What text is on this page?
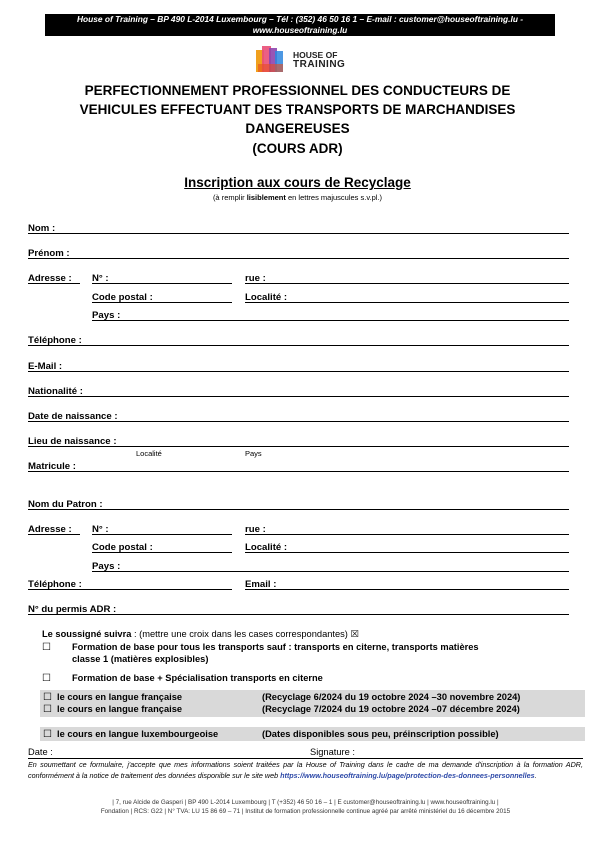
House of Training – BP 490 L-2014 Luxembourg – Tél : (352) 46 50 16 1 – E-mail : customer@houseoftraining.lu -
www.houseoftraining.lu
HOUSE OF
TRAINING
PERFECTIONNEMENT PROFESSIONNEL DES CONDUCTEURS DE
VEHICULES EFFECTUANT DES TRANSPORTS DE MARCHANDISES
DANGEREUSES
(COURS ADR)
Inscription aux cours de Recyclage
(à remplir lisiblement en lettres majuscules s.v.pl.)
Nom :
Prénom :
Adresse : N° :	rue :
Code postal :	Localité :
Pays :
Téléphone :
E-Mail :
Nationalité :
Date de naissance :
Lieu de naissance :
Localité	Pays
Matricule :
Nom du Patron :
Adresse : N° :	rue :
Code postal :	Localité :
Pays :
Téléphone :	Email :
N° du permis ADR :
Le soussigné suivra : (mettre une croix dans les cases correspondantes) ☒
☐ Formation de base pour tous les transports sauf : transports en citerne, transports matières
classe 1 (matières explosibles)
☐ Formation de base + Spécialisation transports en citerne
☐ le cours en langue française	(Recyclage 6/2024 du 19 octobre 2024 –30 novembre 2024)
☐ le cours en langue française	(Recyclage 7/2024 du 19 octobre 2024 –07 décembre 2024)
☐ le cours en langue luxembourgeoise	(Dates disponibles sous peu, préinscription possible)
Date :	Signature :
En soumettant ce formulaire, j'accepte que mes informations soient traitées par la House of Training dans le cadre de ma demande d'inscription à la formation ADR, conformément à la notice de traitement des données disponible sur le site web https://www.houseoftraining.lu/page/protection-des-donnees-personnelles.
| 7, rue Alcide de Gasperi | BP 490 L-2014 Luxembourg | T (+352) 46 50 16 – 1 | E customer@houseoftraining.lu | www.houseoftraining.lu |
Fondation | RCS: G22 | N° TVA: LU 15 86 69 – 71 | Institut de formation professionnelle continue agréé par arrêté ministériel du 16 décembre 2015
